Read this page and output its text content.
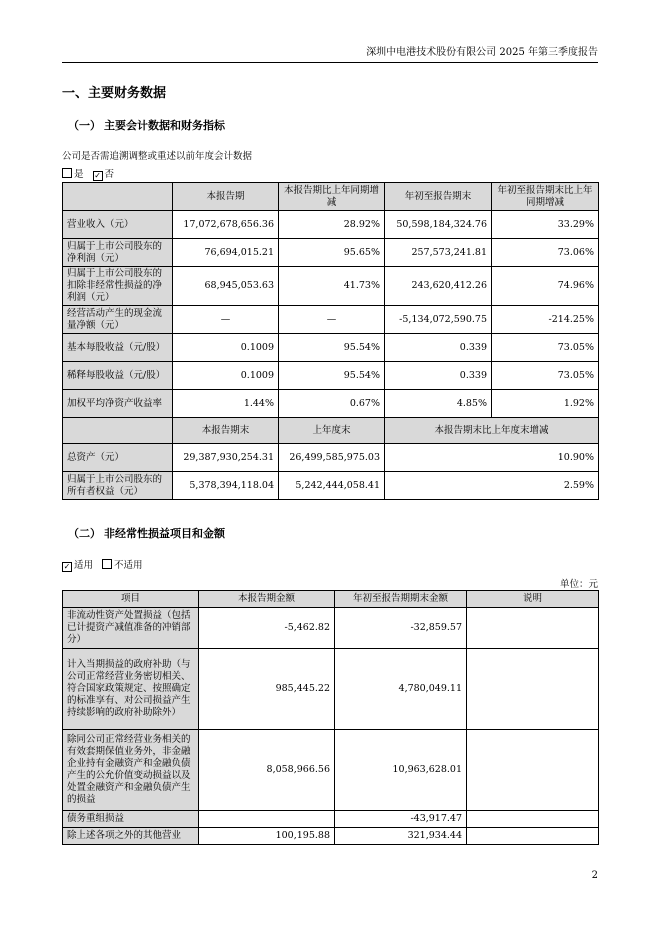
深圳中电港技术股份有限公司 2025 年第三季度报告
一、主要财务数据
（一） 主要会计数据和财务指标
公司是否需追溯调整或重述以前年度会计数据
是 ✓ 否
	本报告期	本报告期比上年同期增减	年初至报告期末	年初至报告期末比上年同期增减
营业收入（元）	17,072,678,656.36	28.92%	50,598,184,324.76	33.29%
归属于上市公司股东的净利润（元）	76,694,015.21	95.65%	257,573,241.81	73.06%
归属于上市公司股东的扣除非经常性损益的净利润（元）	68,945,053.63	41.73%	243,620,412.26	74.96%
经营活动产生的现金流量净额（元）	—	—	-5,134,072,590.75	-214.25%
基本每股收益（元/股）	0.1009	95.54%	0.339	73.05%
稀释每股收益（元/股）	0.1009	95.54%	0.339	73.05%
加权平均净资产收益率	1.44%	0.67%	4.85%	1.92%
	本报告期末	上年度末	本报告期末比上年度末增减	
总资产（元）	29,387,930,254.31	26,499,585,975.03	10.90%	
归属于上市公司股东的所有者权益（元）	5,378,394,118.04	5,242,444,058.41	2.59%	
（二） 非经常性损益项目和金额
✓ 适用 不适用
单位：元
项目	本报告期金额	年初至报告期期末金额	说明
非流动性资产处置损益（包括已计提资产减值准备的冲销部分）	-5,462.82	-32,859.57	
计入当期损益的政府补助（与公司正常经营业务密切相关、符合国家政策规定、按照确定的标准享有、对公司损益产生持续影响的政府补助除外）	985,445.22	4,780,049.11	
除同公司正常经营业务相关的有效套期保值业务外，非金融企业持有金融资产和金融负债产生的公允价值变动损益以及处置金融资产和金融负债产生的损益	8,058,966.56	10,963,628.01	
债务重组损益		-43,917.47	
除上述各项之外的其他营业	100,195.88	321,934.44	
2
